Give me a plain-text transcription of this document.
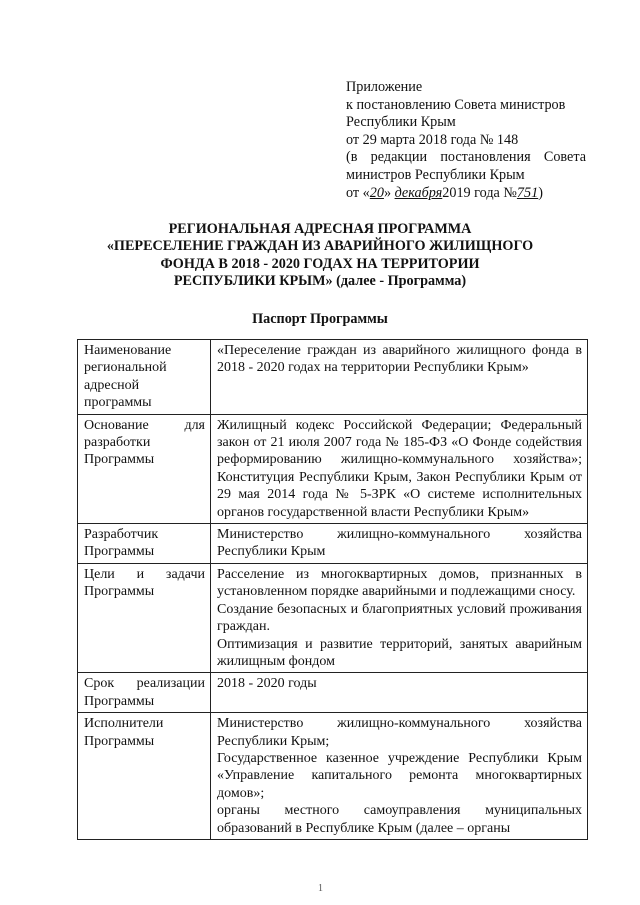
Приложение
к постановлению Совета министров
Республики Крым
от 29 марта 2018 года № 148
(в редакции постановления Совета
министров Республики Крым
от «20» декабря2019 года №751)
РЕГИОНАЛЬНАЯ АДРЕСНАЯ ПРОГРАММА
«ПЕРЕСЕЛЕНИЕ ГРАЖДАН ИЗ АВАРИЙНОГО ЖИЛИЩНОГО
ФОНДА В 2018 - 2020 ГОДАХ НА ТЕРРИТОРИИ
РЕСПУБЛИКИ КРЫМ» (далее - Программа)
Паспорт Программы
Наименование региональной адресной программы	«Переселение граждан из аварийного жилищного фонда в 2018 - 2020 годах на территории Республики Крым»

Основание для разработки Программы	Жилищный кодекс Российской Федерации; Федеральный закон от 21 июля 2007 года № 185-ФЗ «О Фонде содействия реформированию жилищно-коммунального хозяйства»; Конституция Республики Крым, Закон Республики Крым от 29 мая 2014 года № 5-ЗРК «О системе исполнительных органов государственной власти Республики Крым»

Разработчик Программы	Министерство жилищно-коммунального хозяйства Республики Крым

Цели и задачи Программы	Расселение из многоквартирных домов, признанных в установленном порядке аварийными и подлежащими сносу.
Создание безопасных и благоприятных условий проживания граждан.
Оптимизация и развитие территорий, занятых аварийным жилищным фондом

Срок реализации Программы	2018 - 2020 годы

Исполнители Программы	Министерство жилищно-коммунального хозяйства Республики Крым;
Государственное казенное учреждение Республики Крым «Управление капитального ремонта многоквартирных домов»;
органы местного самоуправления муниципальных образований в Республике Крым (далее – органы
1
